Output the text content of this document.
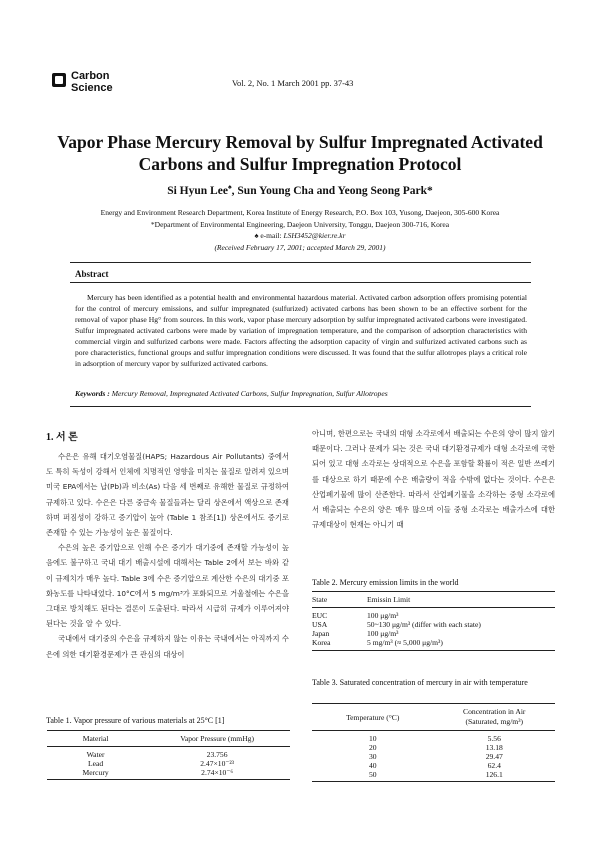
Carbon
Science	Vol. 2, No. 1 March 2001 pp. 37-43
Vapor Phase Mercury Removal by Sulfur Impregnated Activated
Carbons and Sulfur Impregnation Protocol
Si Hyun Lee♠, Sun Young Cha and Yeong Seong Park*
Energy and Environment Research Department, Korea Institute of Energy Research, P.O. Box 103, Yusong, Daejeon, 305-600 Korea
*Department of Environmental Engineering, Daejeon University, Tonggu, Daejeon 300-716, Korea
♠ e-mail: LSH3452@kier.re.kr
(Received February 17, 2001; accepted March 29, 2001)
Abstract
Mercury has been identified as a potential health and environmental hazardous material. Activated carbon adsorption offers promising potential for the control of mercury emissions, and sulfur impregnated (sulfurized) activated carbons has been shown to be an effective sorbent for the removal of vapor phase Hg° from sources. In this work, vapor phase mercury adsorption by sulfur impregnated activated carbons were investigated. Sulfur impregnated activated carbons were made by variation of impregnation temperature, and the comparison of adsorption characteristics with commercial virgin and sulfurized carbons were made. Factors affecting the adsorption capacity of virgin and sulfurized activated carbons such as pore characteristics, functional groups and sulfur impregnation conditions were discussed. It was found that the sulfur allotropes plays a critical role in adsorption of mercury vapor by sulfurized activated carbons.
Keywords : Mercury Removal, Impregnated Activated Carbons, Sulfur Impregnation, Sulfur Allotropes
1. 서 론

수은은 유해 대기오염물질(HAPS; Hazardous Air Pollutants) 중에서도 특히 독성이 강해서 인체에 치명적인 영향을 미치는 물질로 알려져 있으며 미국 EPA에서는 납(Pb)과 비소(As) 다음 세 번째로 유해한 물질로 규정하여 규제하고 있다. 수은은 다른 중금속 물질들과는 달리 상온에서 액상으로 존재하며 퍼짐성이 강하고 증기압이 높아 (Table 1 참조[1]) 상온에서도 증기로 존재할 수 있는 가능성이 높은 물질이다.

수은의 높은 증기압으로 인해 수은 증기가 대기중에 존재할 가능성이 높음에도 불구하고 국내 대기 배출시설에 대해서는 Table 2에서 보는 바와 같이 규제치가 매우 높다. Table 3에 수은 증기압으로 계산한 수은의 대기중 포화농도를 나타내었다. 10°C에서 5 mg/m³가 포화되므로 거울철에는 수은을 그대로 방치해도 된다는 결론이 도출된다. 따라서 시급히 규제가 이루어져야 된다는 것을 알 수 있다.

국내에서 대기중의 수은을 규제하지 않는 이유는 국내에서는 아직까지 수은에 의한 대기환경문제가 큰 관심의 대상이

Table 1. Vapor pressure of various materials at 25°C [1]
Material	Vapor Pressure (mmHg)
Water	23.756
Lead	2.47×10⁻²³
Mercury	2.74×10⁻⁶

아니며, 한편으로는 국내의 대형 소각로에서 배출되는 수은의 양이 많지 않기 때문이다. 그러나 문제가 되는 것은 국내 대기환경규제가 대형 소각로에 국한되어 있고 대형 소각로는 상대적으로 수은을 포함할 확률이 적은 일반 쓰레기를 대상으로 하기 때문에 수은 배출량이 적을 수밖에 없다는 것이다. 수은은 산업폐기물에 많이 산존한다. 따라서 산업폐기물을 소각하는 중형 소각로에서 배출되는 수은의 양은 매우 많으며 이들 중형 소각로는 배출가스에 대한 규제대상이 현재는 아니기 때

Table 2. Mercury emission limits in the world
State	Emissin Limit
EUC	100 μg/m³
USA	50~130 μg/m³ (differ with each state)
Japan	100 μg/m³
Korea	5 mg/m³ (≈ 5,000 μg/m³)
Table 3. Saturated concentration of mercury in air with temperature
Temperature (°C)	Concentration in Air
(Saturated, mg/m³)

10	5.56
20	13.18
30	29.47
40	62.4
50	126.1
